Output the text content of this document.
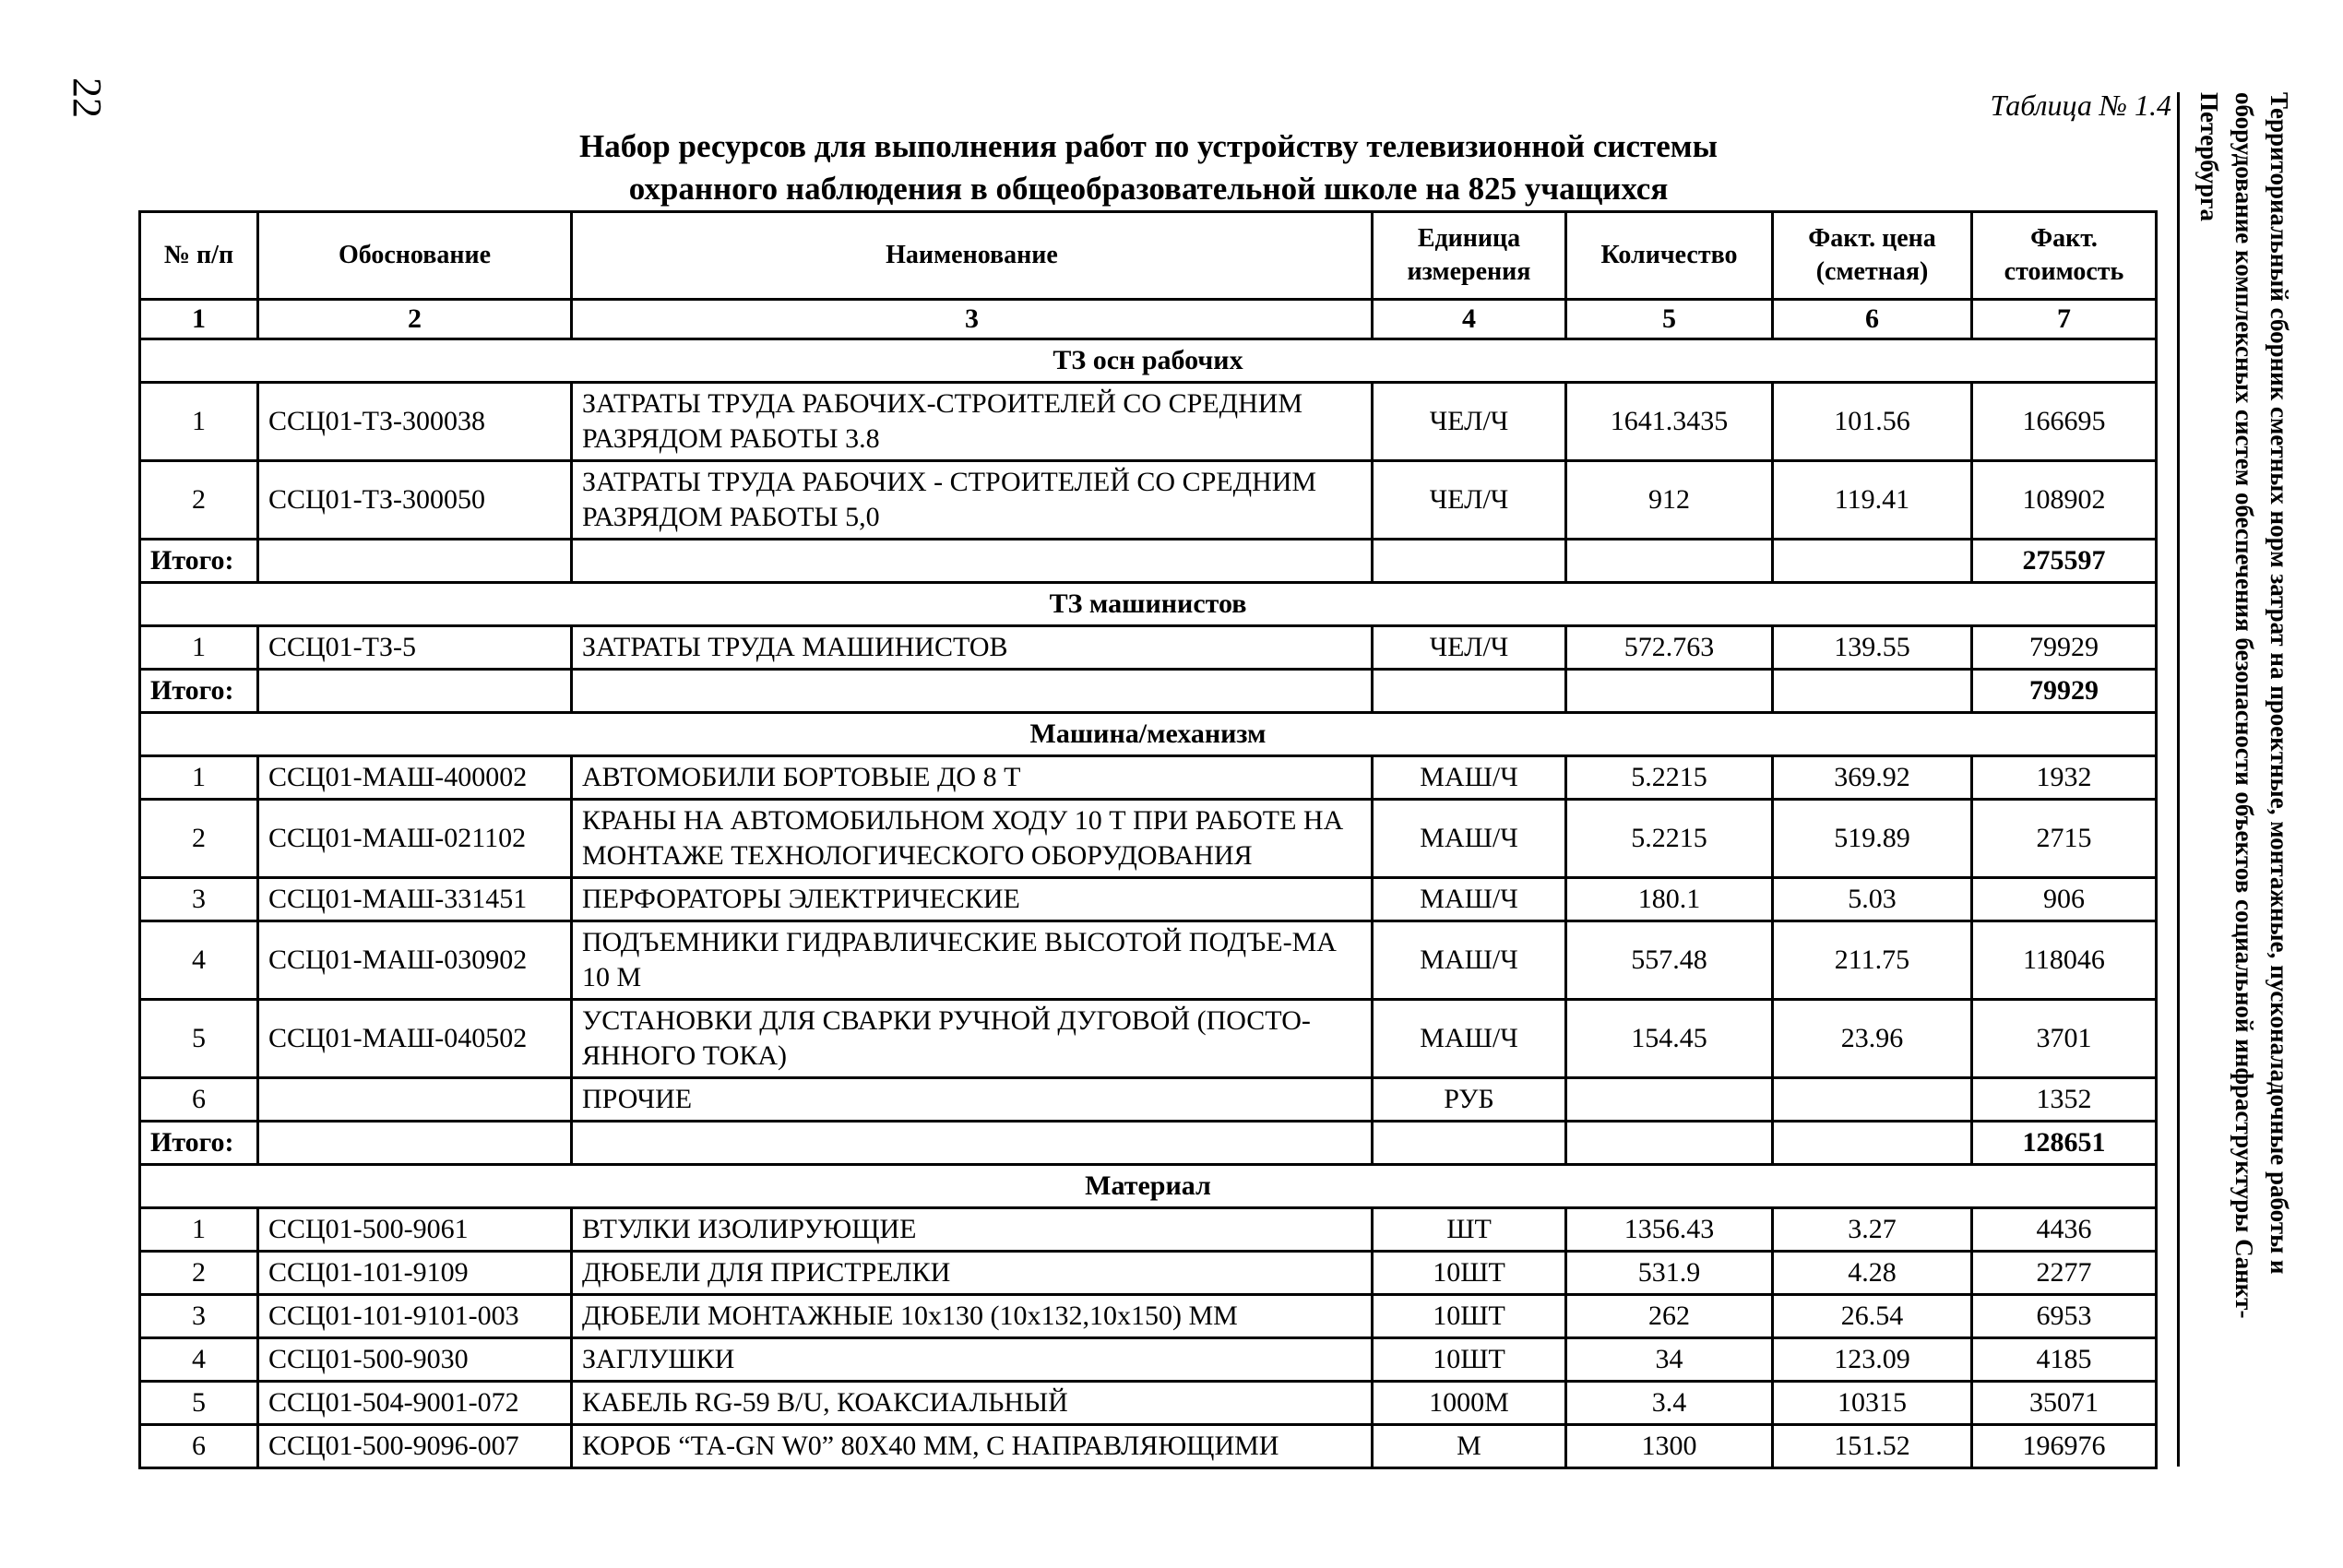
22	Таблица № 1.4
Набор ресурсов для выполнения работ по устройству телевизионной системы
охранного наблюдения в общеобразовательной школе на 825 учащихся	Территориальный сборник сметных норм затрат на проектные, монтажные, пусконаладочные работы и оборудование комплексных систем обеспечения безопасности объектов социальной инфраструктуры Санкт-Петербурга
№ п/п	Обоснование	Наименование	Единица измерения	Количество	Факт. цена (сметная)	Факт. стоимость
1	2	3	4	5	6	7
ТЗ осн рабочих						
1	ССЦ01-ТЗ-300038	ЗАТРАТЫ ТРУДА РАБОЧИХ-СТРОИТЕЛЕЙ СО СРЕДНИМ РАЗРЯДОМ РАБОТЫ 3.8	ЧЕЛ/Ч	1641.3435	101.56	166695
2	ССЦ01-ТЗ-300050	ЗАТРАТЫ ТРУДА РАБОЧИХ - СТРОИТЕЛЕЙ СО СРЕДНИМ РАЗРЯДОМ РАБОТЫ 5,0	ЧЕЛ/Ч	912	119.41	108902
Итого:						275597
ТЗ машинистов						
1	ССЦ01-ТЗ-5	ЗАТРАТЫ ТРУДА МАШИНИСТОВ	ЧЕЛ/Ч	572.763	139.55	79929
Итого:						79929
Машина/механизм						
1	ССЦ01-МАШ-400002	АВТОМОБИЛИ БОРТОВЫЕ ДО 8 Т	МАШ/Ч	5.2215	369.92	1932
2	ССЦ01-МАШ-021102	КРАНЫ НА АВТОМОБИЛЬНОМ ХОДУ 10 Т ПРИ РАБОТЕ НА МОНТАЖЕ ТЕХНОЛОГИЧЕСКОГО ОБОРУДОВАНИЯ	МАШ/Ч	5.2215	519.89	2715
3	ССЦ01-МАШ-331451	ПЕРФОРАТОРЫ ЭЛЕКТРИЧЕСКИЕ	МАШ/Ч	180.1	5.03	906
4	ССЦ01-МАШ-030902	ПОДЪЕМНИКИ ГИДРАВЛИЧЕСКИЕ ВЫСОТОЙ ПОДЪЕ-МА 10 М	МАШ/Ч	557.48	211.75	118046
5	ССЦ01-МАШ-040502	УСТАНОВКИ ДЛЯ СВАРКИ РУЧНОЙ ДУГОВОЙ (ПОСТО-ЯННОГО ТОКА)	МАШ/Ч	154.45	23.96	3701
6		ПРОЧИЕ	РУБ			1352
Итого:						128651
Материал						
1	ССЦ01-500-9061	ВТУЛКИ ИЗОЛИРУЮЩИЕ	ШТ	1356.43	3.27	4436
2	ССЦ01-101-9109	ДЮБЕЛИ ДЛЯ ПРИСТРЕЛКИ	10ШТ	531.9	4.28	2277
3	ССЦ01-101-9101-003	ДЮБЕЛИ МОНТАЖНЫЕ 10х130 (10х132,10х150) ММ	10ШТ	262	26.54	6953
4	ССЦ01-500-9030	ЗАГЛУШКИ	10ШТ	34	123.09	4185
5	ССЦ01-504-9001-072	КАБЕЛЬ RG-59 B/U, КОАКСИАЛЬНЫЙ	1000М	3.4	10315	35071
6	ССЦ01-500-9096-007	КОРОБ “ТА-GN W0” 80Х40 ММ, С НАПРАВЛЯЮЩИМИ	М	1300	151.52	196976
